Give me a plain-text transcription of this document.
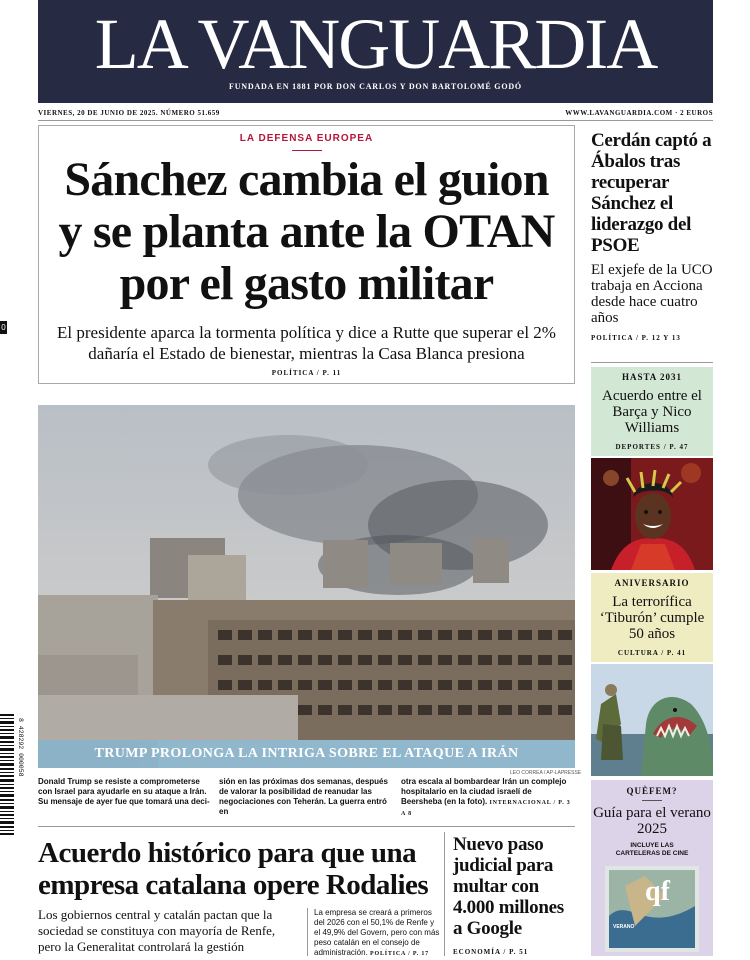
LA VANGUARDIA
FUNDADA EN 1881 POR DON CARLOS Y DON BARTOLOMÉ GODÓ
VIERNES, 20 DE JUNIO DE 2025. NÚMERO 51.659	WWW.LAVANGUARDIA.COM · 2 EUROS
LA DEFENSA EUROPEA
Sánchez cambia el guion
y se planta ante la OTAN
por el gasto militar
El presidente aparca la tormenta política y dice a Rutte que superar el 2% dañaría el Estado de bienestar, mientras la Casa Blanca presiona
POLÍTICA / P. 11
Cerdán captó a Ábalos tras recuperar Sánchez el liderazgo del PSOE
El exjefe de la UCO trabaja en Acciona desde hace cuatro años
POLÍTICA / P. 12 Y 13
HASTA 2031
Acuerdo entre el Barça y Nico Williams
DEPORTES / P. 47
ANIVERSARIO
La terrorífica ‘Tiburón’ cumple 50 años
CULTURA / P. 41
QUÈFEM?
Guía para el verano 2025
INCLUYE LAS
CARTELERAS DE CINE
qf
VERANO
TRUMP PROLONGA LA INTRIGA SOBRE EL ATAQUE A IRÁN
LEO CORREA / AP-LAPRESSE
Donald Trump se resiste a comprometerse con Israel para ayudarle en su ataque a Irán. Su mensaje de ayer fue que tomará una deci-
sión en las próximas dos semanas, después de valorar la posibilidad de reanudar las negociaciones con Teherán. La guerra entró en
otra escala al bombardear Irán un complejo hospitalario en la ciudad israelí de Beersheba (en la foto). INTERNACIONAL / P. 3 A 8
Acuerdo histórico para que una
empresa catalana opere Rodalies
Los gobiernos central y catalán pactan que la sociedad se constituya con mayoría de Renfe, pero la Generalitat controlará la gestión
La empresa se creará a primeros del 2026 con el 50,1% de Renfe y el 49,9% del Govern, pero con más peso catalán en el consejo de administración. POLÍTICA / P. 17
Nuevo paso judicial para multar con 4.000 millones a Google
ECONOMÍA / P. 51
8 428292 000058
0
